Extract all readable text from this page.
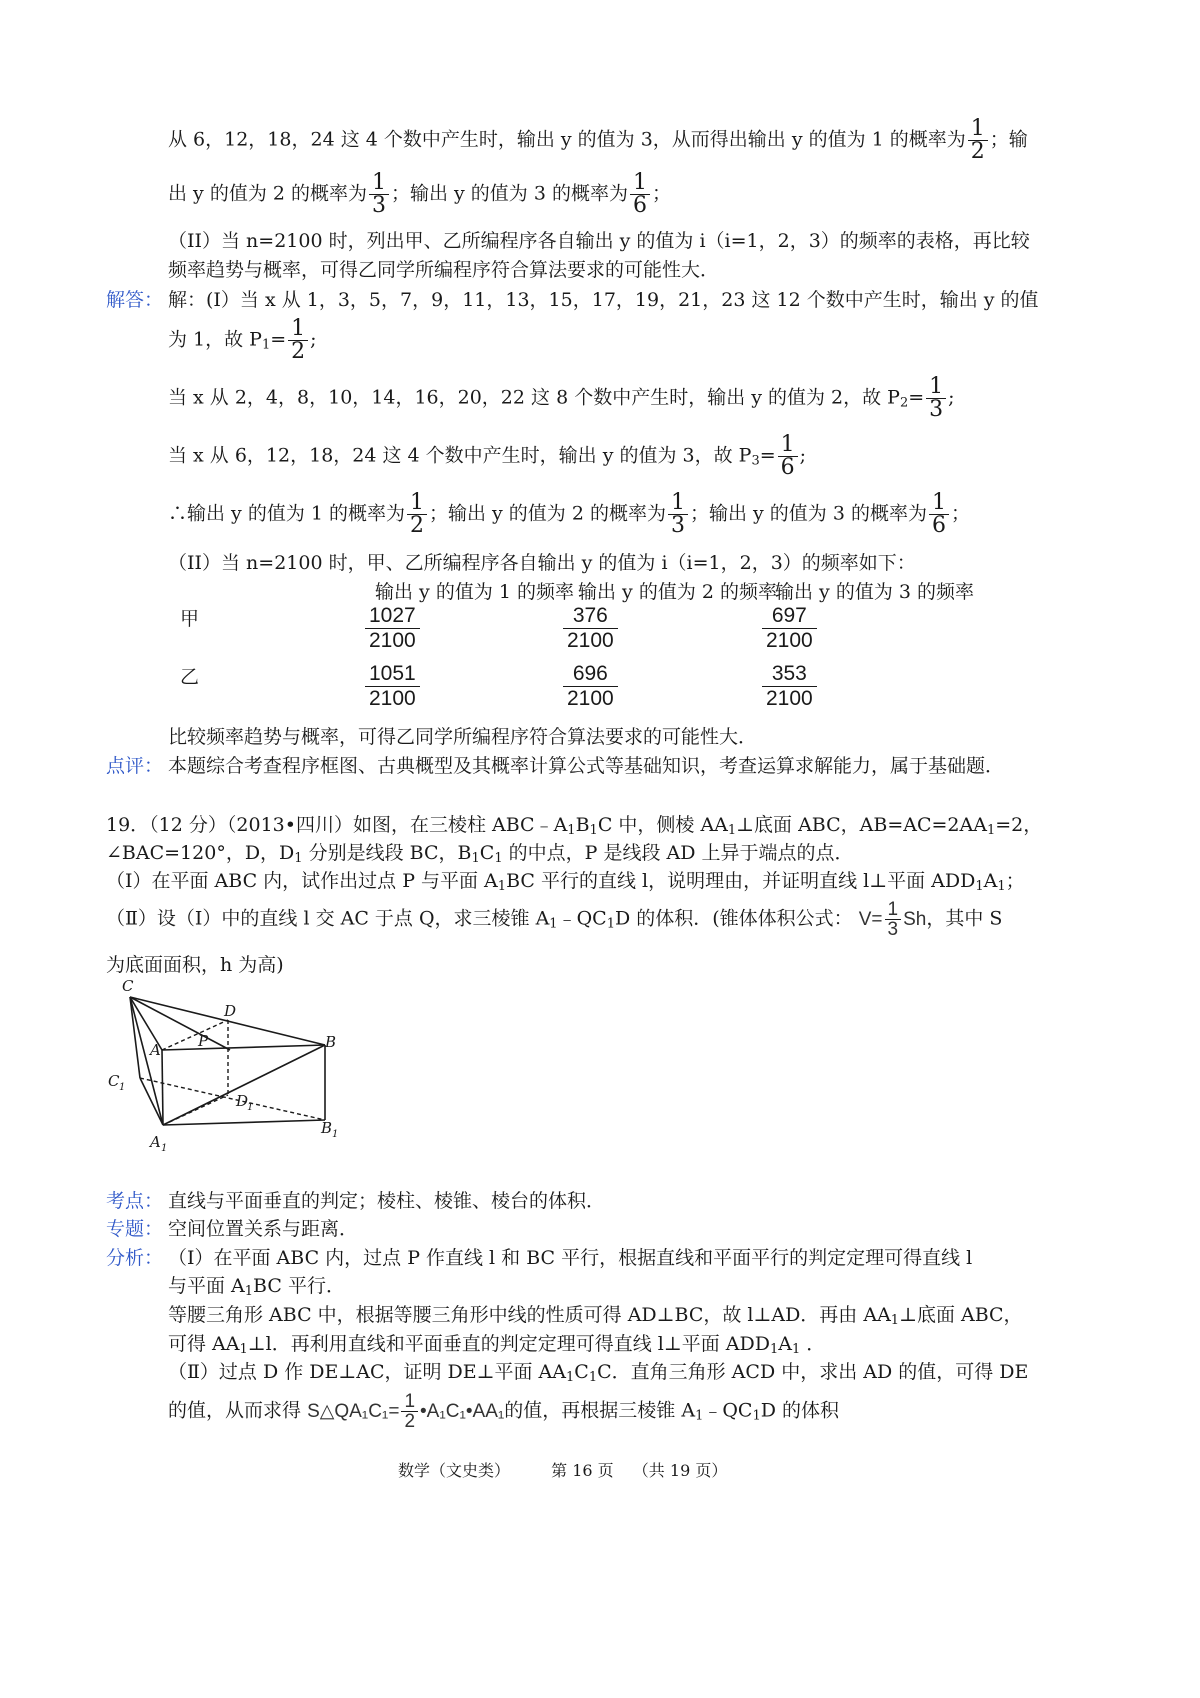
从 6，12，18，24 这 4 个数中产生时，输出 y 的值为 3，从而得出输出 y 的值为 1 的概率为 $\frac{1}{2}$ ；输
出 y 的值为 2 的概率为 $\frac{1}{3}$ ；输出 y 的值为 3 的概率为 $\frac{1}{6}$ ；
（II）当 n=2100 时，列出甲、乙所编程序各自输出 y 的值为 i（i=1，2，3）的频率的表格，再比较
频率趋势与概率，可得乙同学所编程序符合算法要求的可能性大．
解答： 解：(I）当 x 从 1，3，5，7，9，11，13，15，17，19，21，23 这 12 个数中产生时，输出 y 的值
为 1，故 $P_1= \frac{1}{2}$ ;
当 x 从 2，4，8，10，14，16，20，22 这 8 个数中产生时，输出 y 的值为 2，故 $P_2= \frac{1}{3}$ ;
当 x 从 6，12，18，24 这 4 个数中产生时，输出 y 的值为 3，故 $P_3= \frac{1}{6}$ ;
∴输出 y 的值为 1 的概率为 $\frac{1}{2}$ ；输出 y 的值为 2 的概率为 $\frac{1}{3}$ ；输出 y 的值为 3 的概率为 $\frac{1}{6}$ ；
（II）当 n=2100 时，甲、乙所编程序各自输出 y 的值为 i（i=1，2，3）的频率如下：
输出 y 的值为 1 的频率 输出 y 的值为 2 的频率
输出 y 的值为 3 的频率
甲	$\frac{1027}{2100}$	$\frac{376}{2100}$	$\frac{697}{2100}$
乙	$\frac{1051}{2100}$	$\frac{696}{2100}$	$\frac{353}{2100}$
比较频率趋势与概率，可得乙同学所编程序符合算法要求的可能性大．
点评： 本题综合考查程序框图、古典概型及其概率计算公式等基础知识，考查运算求解能力，属于基础题．
19．（12 分）（2013•四川）如图，在三棱柱 $ABC﹣A_1B_1C$ 中，侧棱 $AA_1\perp$底面 ABC，$AB=AC=2AA_1=2$，
∠BAC=120°，D，$D_1$ 分别是线段 BC，$B_1C_1$ 的中点，P 是线段 AD 上异于端点的点．
（Ⅰ）在平面 ABC 内，试作出过点 P 与平面 $A_1BC$ 平行的直线 l，说明理由，并证明直线 l⊥平面 $ADD_1A_1$；
（Ⅱ）设（Ⅰ）中的直线 l 交 AC 于点 Q，求三棱锥 $A_1﹣QC_1D$ 的体积．(锥体体积公式： $V= \frac{1}{3}$ Sh，其中 S
为底面面积，h 为高)
C
D
P
A	B
C 1
D
1
A 1
B 1
考点： 直线与平面垂直的判定；棱柱、棱锥、棱台的体积．
专题： 空间位置关系与距离．
分析： （Ⅰ）在平面 ABC 内，过点 P 作直线 l 和 BC 平行，根据直线和平面平行的判定定理可得直线 l
与平面 $A_1BC$ 平行．
等腰三角形 ABC 中，根据等腰三角形中线的性质可得 AD⊥BC，故 l⊥AD．再由 $AA_1\perp$底面 ABC，
可得 $AA_1\perp l$．再利用直线和平面垂直的判定定理可得直线 l⊥平面 $ADD_1A_1$ ．
（Ⅱ）过点 D 作 DE⊥AC，证明 DE⊥平面 $AA_1C_1C$．直角三角形 ACD 中，求出 AD 的值，可得 DE
的值，从而求得 S△QA₁C₁= $\frac{1}{2}$ •A₁C₁•AA₁的值，再根据三棱锥 $A_1﹣QC_1D$ 的体积
数学（文史类）	第 16 页 （共 19 页）
